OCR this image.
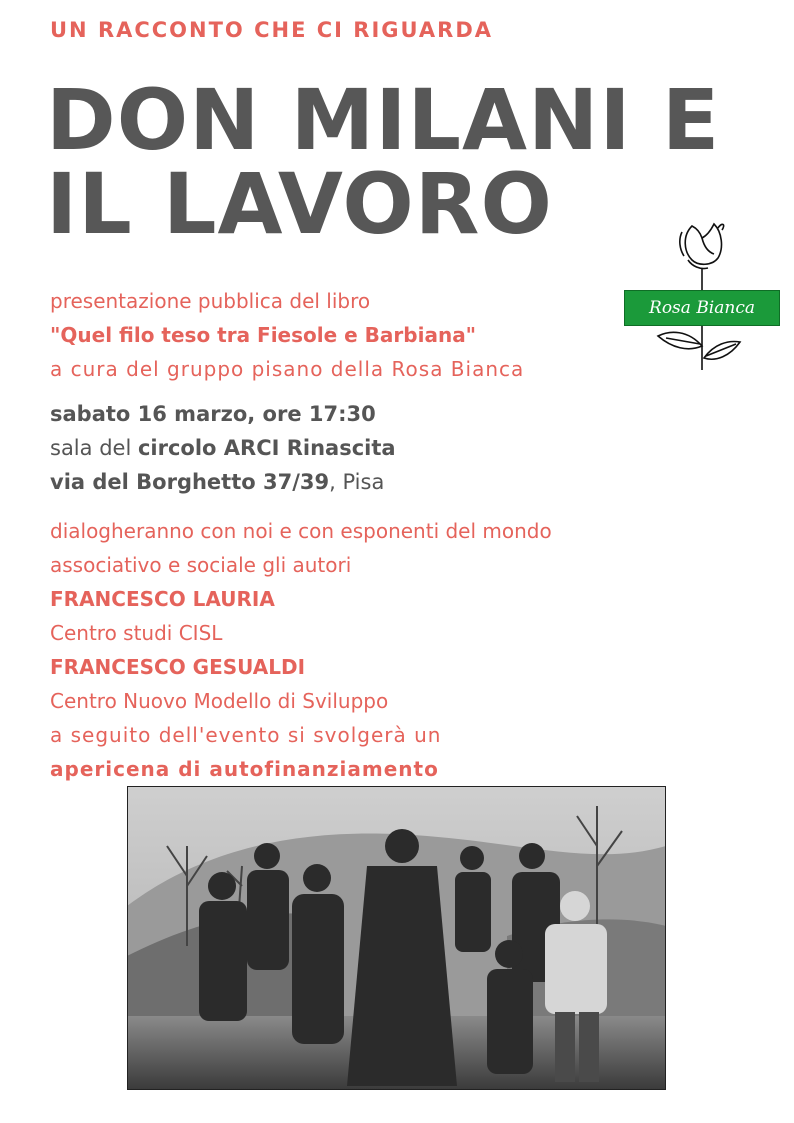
UN RACCONTO CHE CI RIGUARDA
DON MILANI E
IL LAVORO
Rosa Bianca
presentazione pubblica del libro
"Quel filo teso tra Fiesole e Barbiana"
a cura del gruppo pisano della Rosa Bianca
sabato 16 marzo, ore 17:30
sala del circolo ARCI Rinascita
via del Borghetto 37/39, Pisa
dialogheranno con noi e con esponenti del mondo
associativo e sociale gli autori
FRANCESCO LAURIA
Centro studi CISL
FRANCESCO GESUALDI
Centro Nuovo Modello di Sviluppo
a seguito dell'evento si svolgerà un
apericena di autofinanziamento
